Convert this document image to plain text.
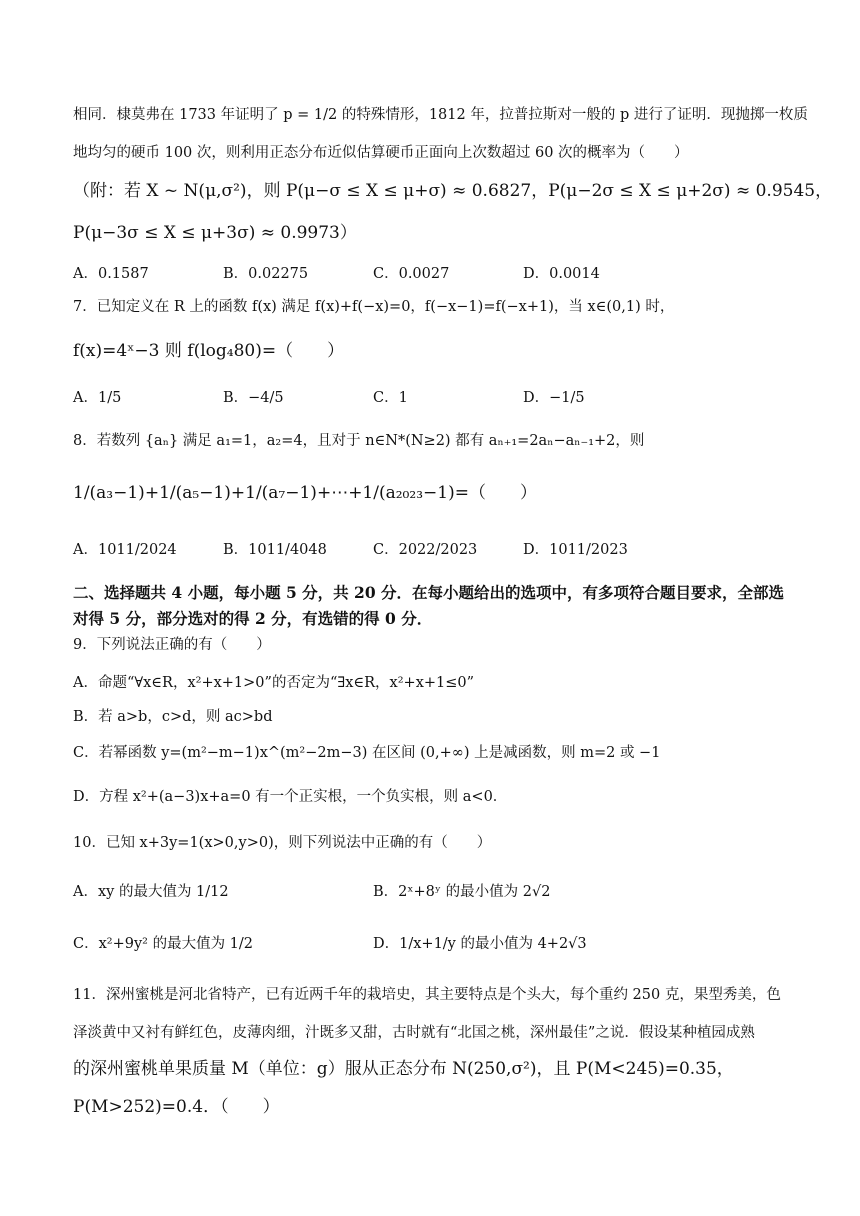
相同．棣莫弗在 1733 年证明了 p = 1/2 的特殊情形，1812 年，拉普拉斯对一般的 p 进行了证明．现抛掷一枚质
地均匀的硬币 100 次，则利用正态分布近似估算硬币正面向上次数超过 60 次的概率为（　　）
（附：若 X ~ N(μ,σ²)，则 P(μ−σ ≤ X ≤ μ+σ) ≈ 0.6827，P(μ−2σ ≤ X ≤ μ+2σ) ≈ 0.9545，
P(μ−3σ ≤ X ≤ μ+3σ) ≈ 0.9973）
A．0.1587	B．0.02275	C．0.0027	D．0.0014
7．已知定义在 R 上的函数 f(x) 满足 f(x)+f(−x)=0，f(−x−1)=f(−x+1)，当 x∈(0,1) 时，
f(x)=4ˣ−3 则 f(log₄80)=（　　）
A．1/5	B．−4/5	C．1	D．−1/5
8．若数列 {aₙ} 满足 a₁=1，a₂=4，且对于 n∈N*(N≥2) 都有 aₙ₊₁=2aₙ−aₙ₋₁+2，则
1/(a₃−1)+1/(a₅−1)+1/(a₇−1)+⋯+1/(a₂₀₂₃−1)=（　　）
A．1011/2024	B．1011/4048	C．2022/2023	D．1011/2023
二、选择题共 4 小题，每小题 5 分，共 20 分．在每小题给出的选项中，有多项符合题目要求，全部选对得 5 分，部分选对的得 2 分，有选错的得 0 分．
9．下列说法正确的有（　　）
A．命题“∀x∈R，x²+x+1>0”的否定为“∃x∈R，x²+x+1≤0”
B．若 a>b，c>d，则 ac>bd
C．若幂函数 y=(m²−m−1)x^(m²−2m−3) 在区间 (0,+∞) 上是减函数，则 m=2 或 −1
D．方程 x²+(a−3)x+a=0 有一个正实根，一个负实根，则 a<0．
10．已知 x+3y=1(x>0,y>0)，则下列说法中正确的有（　　）
A．xy 的最大值为 1/12	B．2ˣ+8ʸ 的最小值为 2√2
C．x²+9y² 的最大值为 1/2	D．1/x+1/y 的最小值为 4+2√3
11．深州蜜桃是河北省特产，已有近两千年的栽培史，其主要特点是个头大，每个重约 250 克，果型秀美，色
泽淡黄中又衬有鲜红色，皮薄肉细，汁既多又甜，古时就有“北国之桃，深州最佳”之说．假设某种植园成熟
的深州蜜桃单果质量 M（单位：g）服从正态分布 N(250,σ²)，且 P(M<245)=0.35，
P(M>252)=0.4．（　　）
